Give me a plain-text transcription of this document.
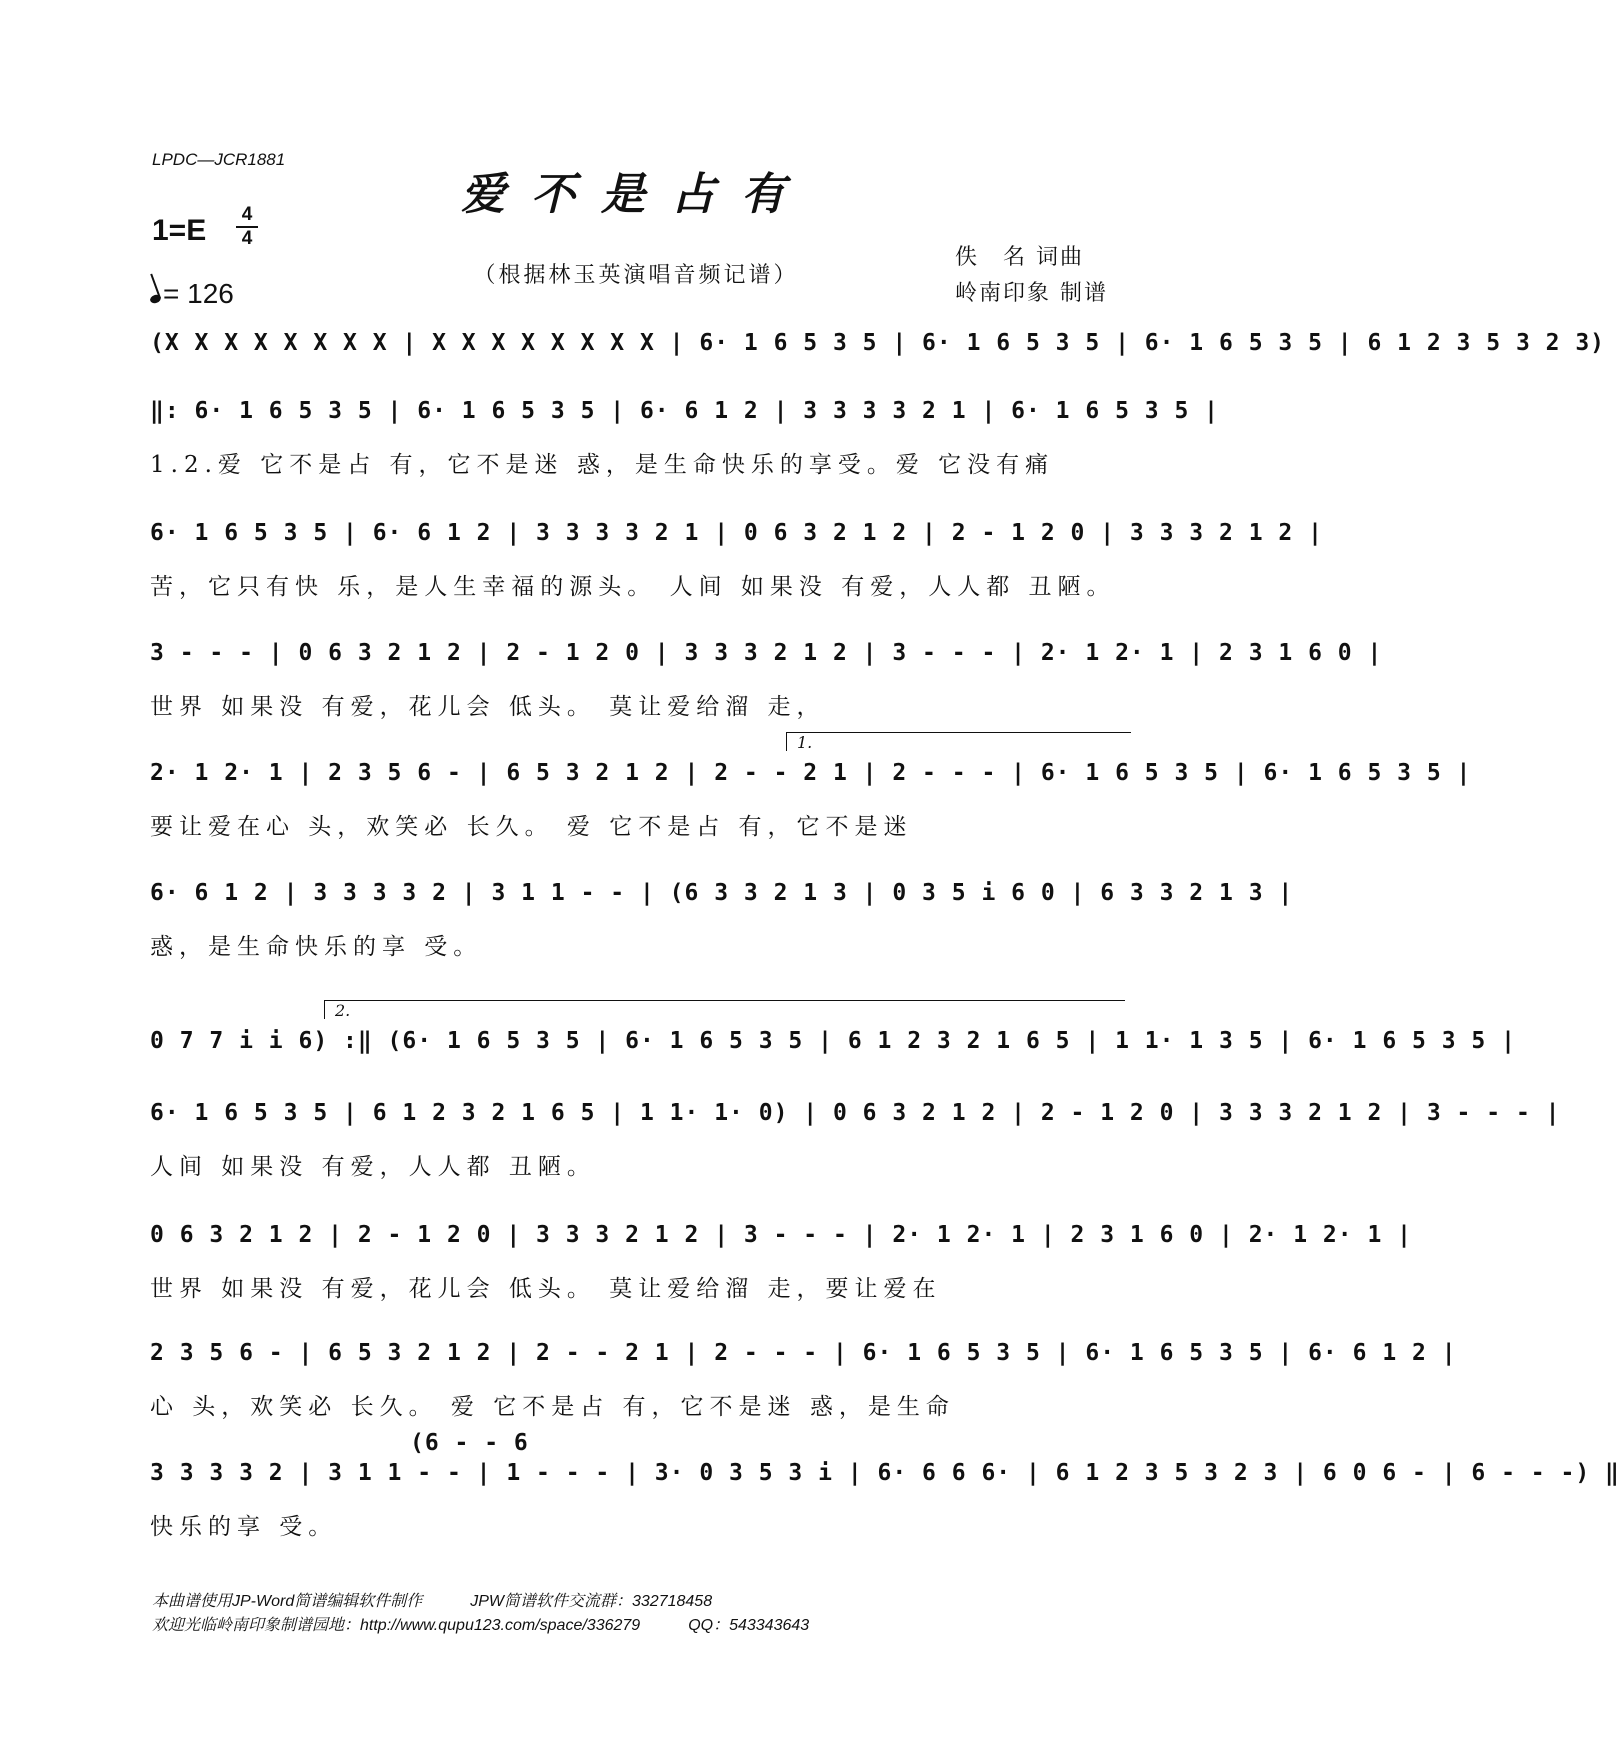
LPDC—JCR1881
爱不是占有
1=E	4
4
= 126
（根据林玉英演唱音频记谱）
佚　名 词曲
岭南印象 制谱
(X X X X X X X X | X X X X X X X X | 6· 1 6 5 3 5 | 6· 1 6 5 3 5 | 6· 1 6 5 3 5 | 6 1 2 3 5 3 2 3)
‖: 6· 1 6 5 3 5 | 6· 1 6 5 3 5 | 6· 6 1 2 | 3 3 3 3 2 1 | 6· 1 6 5 3 5 |
1.2.爱 它不是占 有，它不是迷 惑，是生命快乐的享受。爱 它没有痛
6· 1 6 5 3 5 | 6· 6 1 2 | 3 3 3 3 2 1 | 0 6 3 2 1 2 | 2 - 1 2 0 | 3 3 3 2 1 2 |
苦，它只有快 乐，是人生幸福的源头。 人间 如果没 有爱，人人都 丑陋。
3 - - - | 0 6 3 2 1 2 | 2 - 1 2 0 | 3 3 3 2 1 2 | 3 - - - | 2· 1 2· 1 | 2 3 1 6 0 |
世界 如果没 有爱，花儿会 低头。 莫让爱给溜 走，
1.
2· 1 2· 1 | 2 3 5 6 - | 6 5 3 2 1 2 | 2 - - 2 1 | 2 - - - | 6· 1 6 5 3 5 | 6· 1 6 5 3 5 |
要让爱在心 头，欢笑必 长久。 爱 它不是占 有，它不是迷
6· 6 1 2 | 3 3 3 3 2 | 3 1 1 - - | (6 3 3 2 1 3 | 0 3 5 i 6 0 | 6 3 3 2 1 3 |
惑，是生命快乐的享 受。
2.
0 7 7 i i 6) :‖ (6· 1 6 5 3 5 | 6· 1 6 5 3 5 | 6 1 2 3 2 1 6 5 | 1 1· 1 3 5 | 6· 1 6 5 3 5 |
6· 1 6 5 3 5 | 6 1 2 3 2 1 6 5 | 1 1· 1· 0) | 0 6 3 2 1 2 | 2 - 1 2 0 | 3 3 3 2 1 2 | 3 - - - |
人间 如果没 有爱，人人都 丑陋。
0 6 3 2 1 2 | 2 - 1 2 0 | 3 3 3 2 1 2 | 3 - - - | 2· 1 2· 1 | 2 3 1 6 0 | 2· 1 2· 1 |
世界 如果没 有爱，花儿会 低头。 莫让爱给溜 走，要让爱在
2 3 5 6 - | 6 5 3 2 1 2 | 2 - - 2 1 | 2 - - - | 6· 1 6 5 3 5 | 6· 1 6 5 3 5 | 6· 6 1 2 |
心 头，欢笑必 长久。 爱 它不是占 有，它不是迷 惑，是生命
(6 - - 6
3 3 3 3 2 | 3 1 1 - - | 1 - - - | 3· 0 3 5 3 i | 6· 6 6 6· | 6 1 2 3 5 3 2 3 | 6 0 6 - | 6 - - -) ‖
快乐的享 受。
本曲谱使用JP-Word简谱编辑软件制作　　　JPW简谱软件交流群：332718458
欢迎光临岭南印象制谱园地：http://www.qupu123.com/space/336279　　　QQ：543343643
